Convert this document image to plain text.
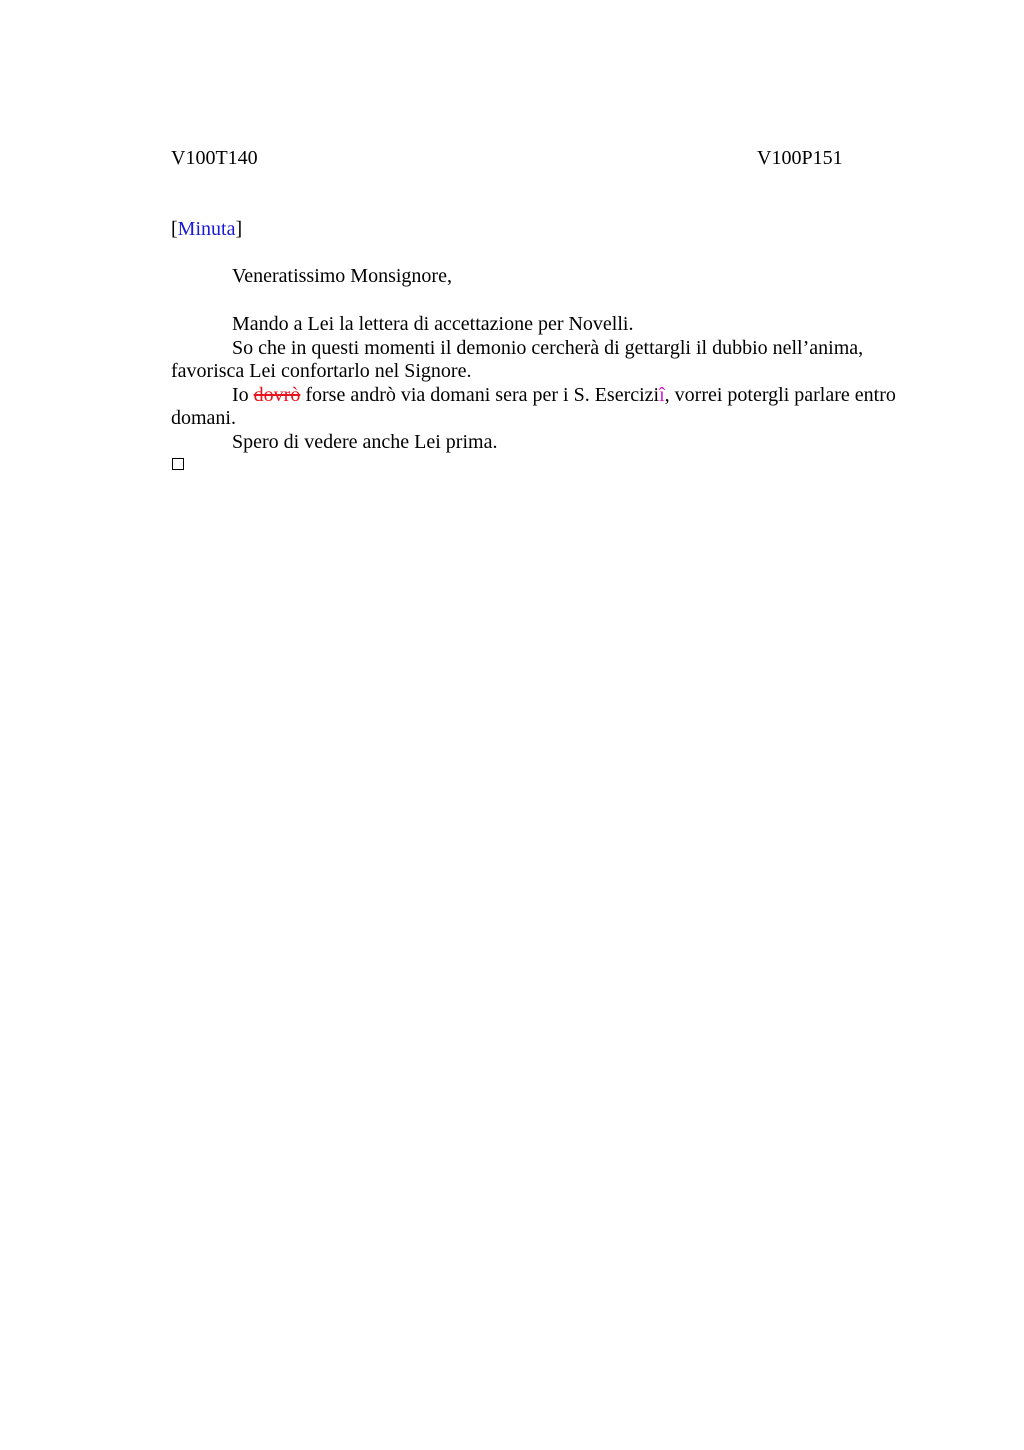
V100T140	V100P151
[Minuta]
Veneratissimo Monsignore,

Mando a Lei la lettera di accettazione per Novelli.

So che in questi momenti il demonio cercherà di gettargli il dubbio nell’anima, favorisca Lei confortarlo nel Signore.

Io dovrò forse andrò via domani sera per i S. Eserciziî, vorrei potergli parlare entro domani.

Spero di vedere anche Lei prima.
